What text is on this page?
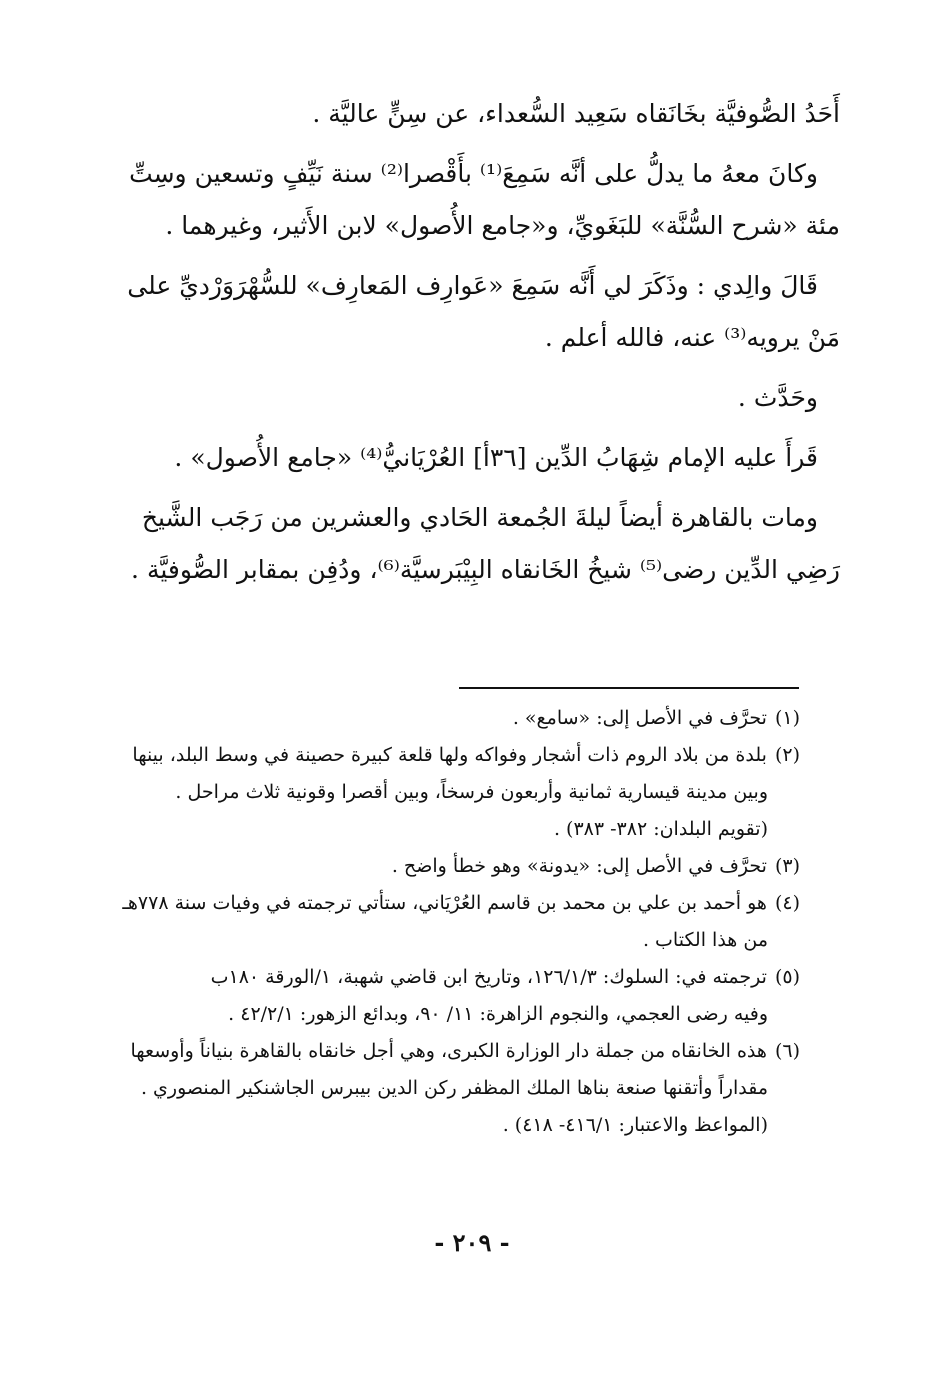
أَحَدُ الصُّوفيَّة بخَانَقاه سَعِيد السُّعداء، عن سِنٍّ عاليَّة .

وكانَ معهُ ما يدلُّ على أنَّه سَمِعَ⁽¹⁾ بأَقْصرا⁽²⁾ سنة نَيِّفٍ وتسعين وسِتِّ مئة «شرح السُّنَّة» للبَغَويِّ، و«جامع الأُصول» لابن الأَثير، وغيرهما .

قَالَ والِدي : وذَكَرَ لي أَنَّه سَمِعَ «عَوارِف المَعارِف» للسُّهْرَوَرْديِّ على مَنْ يرويه⁽³⁾ عنه، فالله أعلم .

وحَدَّث .

قَرأَ عليه الإمام شِهَابُ الدِّين [٣٦أ] العُرْيَانيُّ⁽⁴⁾ «جامع الأُصول» .

ومات بالقاهرة أيضاً ليلةَ الجُمعة الحَادي والعشرين من رَجَب الشَّيخ رَضِي الدِّين رضى⁽⁵⁾ شيخُ الخَانقاه البِيْبَرسيَّة⁽⁶⁾، ودُفِن بمقابر الصُّوفيَّة .

(١)تحرَّف في الأصل إلى: «سامع» .

(٢)بلدة من بلاد الروم ذات أشجار وفواكه ولها قلعة كبيرة حصينة في وسط البلد، بينها
وبين مدينة قيسارية ثمانية وأربعون فرسخاً، وبين أقصرا وقونية ثلاث مراحل .
(تقويم البلدان: ٣٨٢- ٣٨٣) .

(٣)تحرَّف في الأصل إلى: «يدونة» وهو خطأ واضح .

(٤)هو أحمد بن علي بن محمد بن قاسم العُرْيَاني، ستأتي ترجمته في وفيات سنة ٧٧٨هـ
من هذا الكتاب .

(٥)ترجمته في: السلوك: ١٢٦/١/٣، وتاريخ ابن قاضي شهبة، ١/الورقة ١٨٠ب
وفيه رضى العجمي، والنجوم الزاهرة: ١١/ ٩٠، وبدائع الزهور: ٤٢/٢/١ .

(٦)هذه الخانقاه من جملة دار الوزارة الكبرى، وهي أجل خانقاه بالقاهرة بنياناً وأوسعها
مقداراً وأتقنها صنعة بناها الملك المظفر ركن الدين بيبرس الجاشنكير المنصوري .
(المواعظ والاعتبار: ٤١٦/١- ٤١٨) .

- ٢٠٩ -
